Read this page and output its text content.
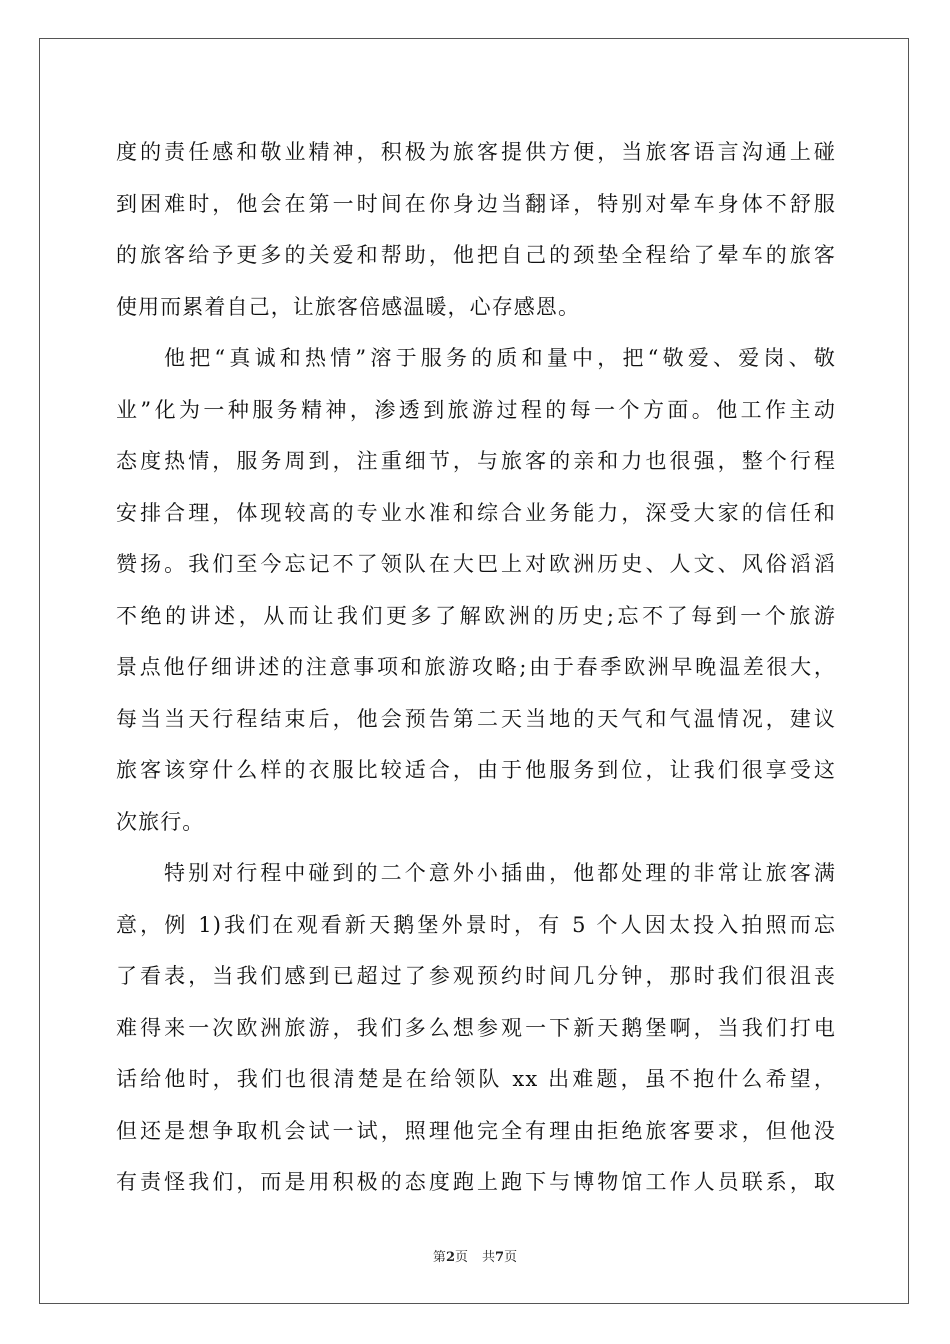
度的责任感和敬业精神，积极为旅客提供方便，当旅客语言沟通上碰
到困难时，他会在第一时间在你身边当翻译，特别对晕车身体不舒服
的旅客给予更多的关爱和帮助，他把自己的颈垫全程给了晕车的旅客
使用而累着自己，让旅客倍感温暖，心存感恩。
他把“真诚和热情”溶于服务的质和量中，把“敬爱、爱岗、敬
业”化为一种服务精神，渗透到旅游过程的每一个方面。他工作主动
态度热情，服务周到，注重细节，与旅客的亲和力也很强，整个行程
安排合理，体现较高的专业水准和综合业务能力，深受大家的信任和
赞扬。我们至今忘记不了领队在大巴上对欧洲历史、人文、风俗滔滔
不绝的讲述，从而让我们更多了解欧洲的历史;忘不了每到一个旅游
景点他仔细讲述的注意事项和旅游攻略;由于春季欧洲早晚温差很大，
每当当天行程结束后，他会预告第二天当地的天气和气温情况，建议
旅客该穿什么样的衣服比较适合，由于他服务到位，让我们很享受这
次旅行。
特别对行程中碰到的二个意外小插曲，他都处理的非常让旅客满
意，例 1)我们在观看新天鹅堡外景时，有 5 个人因太投入拍照而忘
了看表，当我们感到已超过了参观预约时间几分钟，那时我们很沮丧
难得来一次欧洲旅游，我们多么想参观一下新天鹅堡啊，当我们打电
话给他时，我们也很清楚是在给领队 xx 出难题，虽不抱什么希望，
但还是想争取机会试一试，照理他完全有理由拒绝旅客要求，但他没
有责怪我们，而是用积极的态度跑上跑下与博物馆工作人员联系，取
第2页 共7页
